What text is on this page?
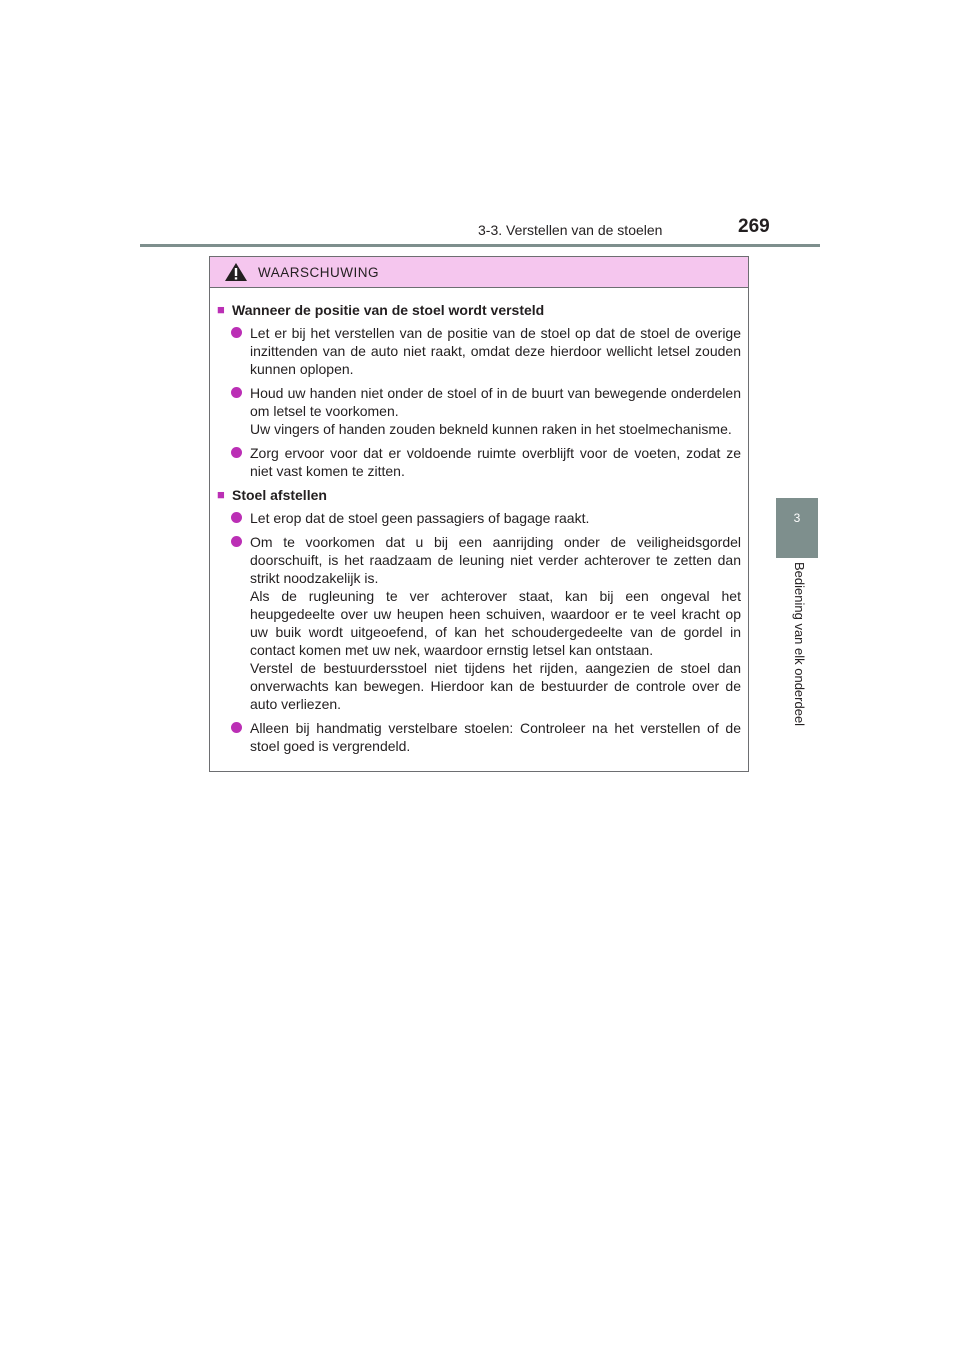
3-3. Verstellen van de stoelen	269
3
Bediening van elk onderdeel
WAARSCHUWING
■ Wanneer de positie van de stoel wordt versteld

Let er bij het verstellen van de positie van de stoel op dat de stoel de overige inzittenden van de auto niet raakt, omdat deze hierdoor wellicht letsel zouden kunnen oplopen.

Houd uw handen niet onder de stoel of in de buurt van bewegende onderdelen om letsel te voorkomen.

Uw vingers of handen zouden bekneld kunnen raken in het stoelmechanisme.

Zorg ervoor voor dat er voldoende ruimte overblijft voor de voeten, zodat ze niet vast komen te zitten.

■ Stoel afstellen

Let erop dat de stoel geen passagiers of bagage raakt.

Om te voorkomen dat u bij een aanrijding onder de veiligheidsgordel doorschuift, is het raadzaam de leuning niet verder achterover te zetten dan strikt noodzakelijk is.

Als de rugleuning te ver achterover staat, kan bij een ongeval het heupgedeelte over uw heupen heen schuiven, waardoor er te veel kracht op uw buik wordt uitgeoefend, of kan het schoudergedeelte van de gordel in contact komen met uw nek, waardoor ernstig letsel kan ontstaan.

Verstel de bestuurdersstoel niet tijdens het rijden, aangezien de stoel dan onverwachts kan bewegen. Hierdoor kan de bestuurder de controle over de auto verliezen.

Alleen bij handmatig verstelbare stoelen: Controleer na het verstellen of de stoel goed is vergrendeld.
